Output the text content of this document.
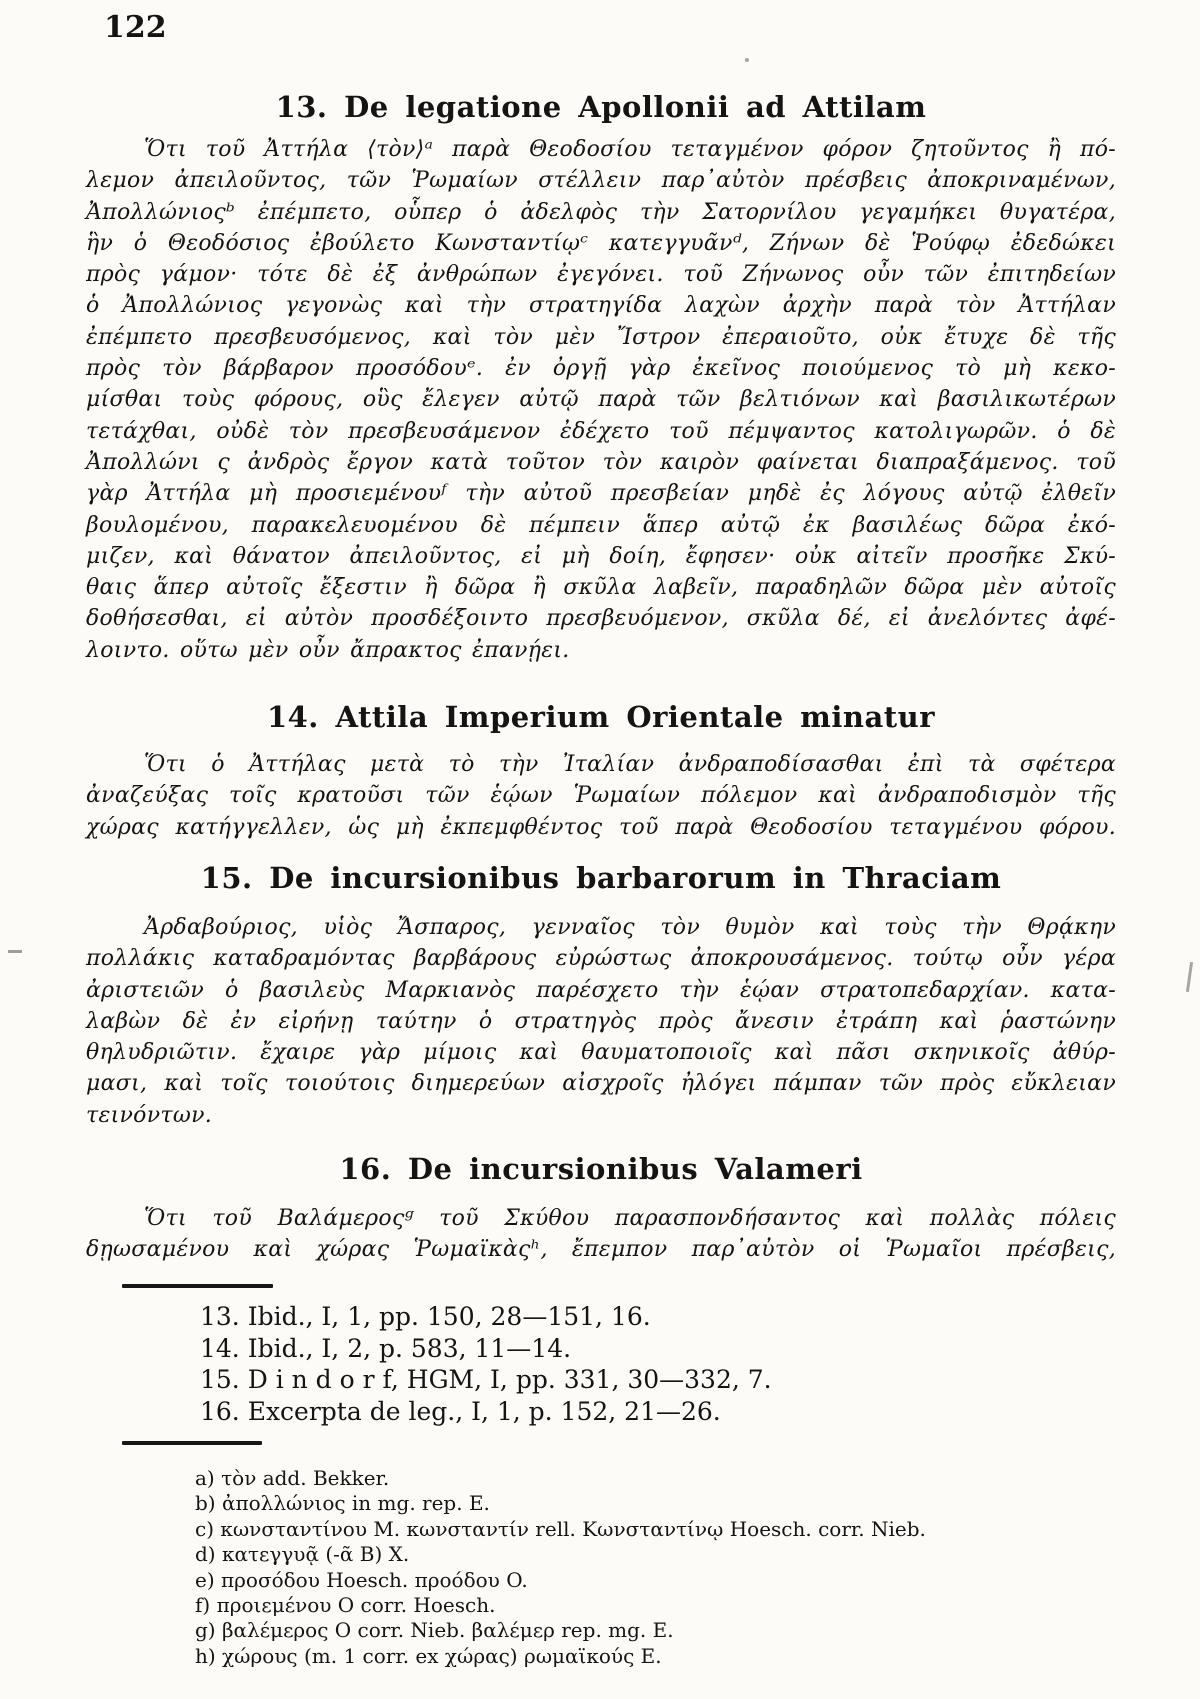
122
13. De legatione Apollonii ad Attilam
Ὅτι τοῦ Ἀττήλα ⟨τὸν⟩ᵃ παρὰ Θεοδοσίου τεταγμένον φόρον ζητοῦντος ἢ πό-
λεμον ἀπειλοῦντος, τῶν Ῥωμαίων στέλλειν παρ᾽αὐτὸν πρέσβεις ἀποκριναμένων,
Ἀπολλώνιοςᵇ ἐπέμπετο, οὗπερ ὁ ἀδελφὸς τὴν Σατορνίλου γεγαμήκει θυγατέρα,
ἣν ὁ Θεοδόσιος ἐβούλετο Κωνσταντίῳᶜ κατεγγυᾶνᵈ, Ζήνων δὲ Ῥούφῳ ἐδεδώκει
πρὸς γάμον· τότε δὲ ἐξ ἀνθρώπων ἐγεγόνει. τοῦ Ζήνωνος οὖν τῶν ἐπιτηδείων
ὁ Ἀπολλώνιος γεγονὼς καὶ τὴν στρατηγίδα λαχὼν ἀρχὴν παρὰ τὸν Ἀττήλαν
ἐπέμπετο πρεσβευσόμενος, καὶ τὸν μὲν Ἴστρον ἐπεραιοῦτο, οὐκ ἔτυχε δὲ τῆς
πρὸς τὸν βάρβαρον προσόδουᵉ. ἐν ὀργῇ γὰρ ἐκεῖνος ποιούμενος τὸ μὴ κεκο-
μίσθαι τοὺς φόρους, οὓς ἔλεγεν αὐτῷ παρὰ τῶν βελτιόνων καὶ βασιλικωτέρων
τετάχθαι, οὐδὲ τὸν πρεσβευσάμενον ἐδέχετο τοῦ πέμψαντος κατολιγωρῶν. ὁ δὲ
Ἀπολλώνι ς ἀνδρὸς ἔργον κατὰ τοῦτον τὸν καιρὸν φαίνεται διαπραξάμενος. τοῦ
γὰρ Ἀττήλα μὴ προσιεμένουᶠ τὴν αὐτοῦ πρεσβείαν μηδὲ ἐς λόγους αὐτῷ ἐλθεῖν
βουλομένου, παρακελευομένου δὲ πέμπειν ἅπερ αὐτῷ ἐκ βασιλέως δῶρα ἐκό-
μιζεν, καὶ θάνατον ἀπειλοῦντος, εἰ μὴ δοίη, ἔφησεν· οὐκ αἰτεῖν προσῆκε Σκύ-
θαις ἅπερ αὐτοῖς ἔξεστιν ἢ δῶρα ἢ σκῦλα λαβεῖν, παραδηλῶν δῶρα μὲν αὐτοῖς
δοθήσεσθαι, εἰ αὐτὸν προσδέξοιντο πρεσβευόμενον, σκῦλα δέ, εἰ ἀνελόντες ἀφέ-
λοιντο. οὕτω μὲν οὖν ἄπρακτος ἐπανῄει.
14. Attila Imperium Orientale minatur
Ὅτι ὁ Ἀττήλας μετὰ τὸ τὴν Ἰταλίαν ἀνδραποδίσασθαι ἐπὶ τὰ σφέτερα
ἀναζεύξας τοῖς κρατοῦσι τῶν ἑῴων Ῥωμαίων πόλεμον καὶ ἀνδραποδισμὸν τῆς
χώρας κατήγγελλεν, ὡς μὴ ἐκπεμφθέντος τοῦ παρὰ Θεοδοσίου τεταγμένου φόρου.
15. De incursionibus barbarorum in Thraciam
Ἀρδαβούριος, υἱὸς Ἄσπαρος, γενναῖος τὸν θυμὸν καὶ τοὺς τὴν Θρᾴκην
πολλάκις καταδραμόντας βαρβάρους εὐρώστως ἀποκρουσάμενος. τούτῳ οὖν γέρα
ἀριστειῶν ὁ βασιλεὺς Μαρκιανὸς παρέσχετο τὴν ἑῴαν στρατοπεδαρχίαν. κατα-
λαβὼν δὲ ἐν εἰρήνῃ ταύτην ὁ στρατηγὸς πρὸς ἄνεσιν ἐτράπη καὶ ῥαστώνην
θηλυδριῶτιν. ἔχαιρε γὰρ μίμοις καὶ θαυματοποιοῖς καὶ πᾶσι σκηνικοῖς ἀθύρ-
μασι, καὶ τοῖς τοιούτοις διημερεύων αἰσχροῖς ἠλόγει πάμπαν τῶν πρὸς εὔκλειαν
τεινόντων.
16. De incursionibus Valameri
Ὅτι τοῦ Βαλάμεροςᵍ τοῦ Σκύθου παρασπονδήσαντος καὶ πολλὰς πόλεις
δῃωσαμένου καὶ χώρας Ῥωμαϊκὰςʰ, ἔπεμπον παρ᾽αὐτὸν οἱ Ῥωμαῖοι πρέσβεις,
13. Ibid., I, 1, pp. 150, 28—151, 16.
14. Ibid., I, 2, p. 583, 11—14.
15. D i n d o r f, HGM, I, pp. 331, 30—332, 7.
16. Excerpta de leg., I, 1, p. 152, 21—26.
a) τὸν add. Bekker.
b) ἀπολλώνιος in mg. rep. E.
c) κωνσταντίνου M. κωνσταντίν rell. Κωνσταντίνῳ Hoesch. corr. Nieb.
d) κατεγγυᾷ (-ᾶ B) X.
e) προσόδου Hoesch. προόδου O.
f) προιεμένου O corr. Hoesch.
g) βαλέμερος O corr. Nieb. βαλέμερ rep. mg. E.
h) χώρους (m. 1 corr. ex χώρας) ρωμαϊκούς E.
